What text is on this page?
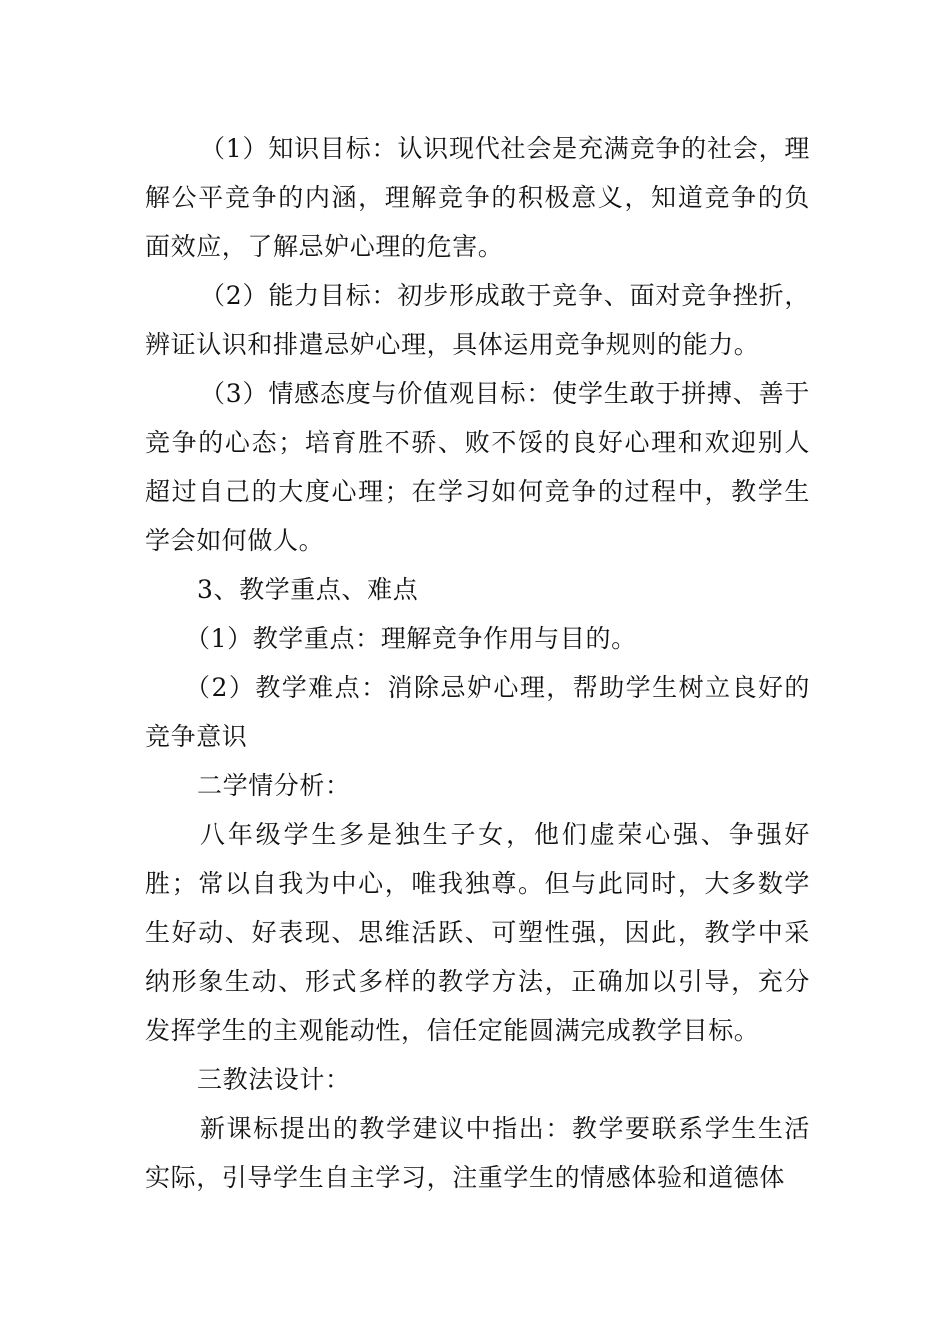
（1）知识目标：认识现代社会是充满竞争的社会，理解公平竞争的内涵，理解竞争的积极意义，知道竞争的负面效应，了解忌妒心理的危害。

（2）能力目标：初步形成敢于竞争、面对竞争挫折，辨证认识和排遣忌妒心理，具体运用竞争规则的能力。

（3）情感态度与价值观目标：使学生敢于拼搏、善于竞争的心态；培育胜不骄、败不馁的良好心理和欢迎别人超过自己的大度心理；在学习如何竞争的过程中，教学生学会如何做人。

3、教学重点、难点

（1）教学重点：理解竞争作用与目的。

（2）教学难点：消除忌妒心理，帮助学生树立良好的竞争意识

二学情分析：

八年级学生多是独生子女，他们虚荣心强、争强好胜；常以自我为中心，唯我独尊。但与此同时，大多数学生好动、好表现、思维活跃、可塑性强，因此，教学中采纳形象生动、形式多样的教学方法，正确加以引导，充分发挥学生的主观能动性，信任定能圆满完成教学目标。

三教法设计：

新课标提出的教学建议中指出：教学要联系学生生活实际，引导学生自主学习，注重学生的情感体验和道德体
